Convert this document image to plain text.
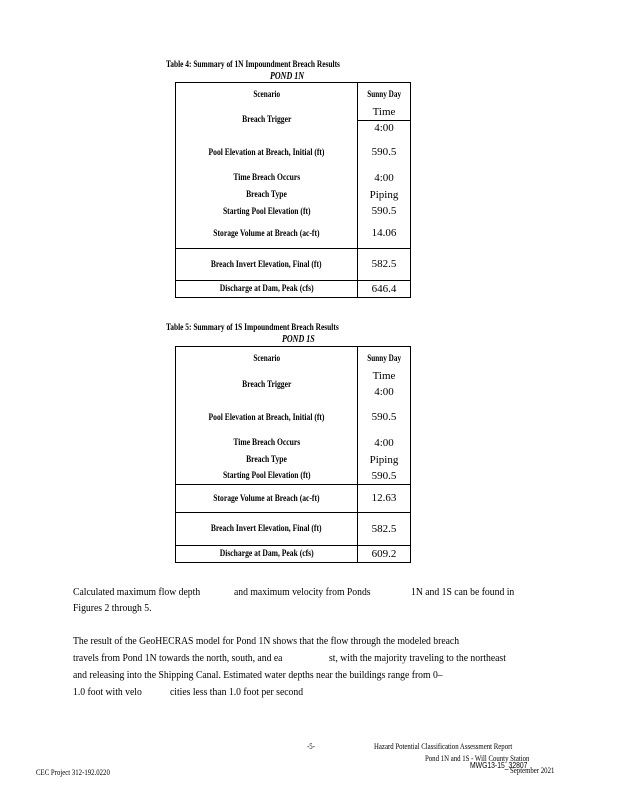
Table 4: Summary of 1N Impoundment Breach Results
POND 1N
Scenario	Sunny Day
Breach Trigger	Time
	4:00
Pool Elevation at Breach, Initial (ft)	590.5
Time Breach Occurs	4:00
Breach Type	Piping
Starting Pool Elevation (ft)	590.5
Storage Volume at Breach (ac-ft)	14.06
Breach Invert Elevation, Final (ft)	582.5
Discharge at Dam, Peak (cfs)	646.4
Table 5: Summary of 1S Impoundment Breach Results
POND 1S
Scenario	Sunny Day
Breach Trigger	Time
	4:00
Pool Elevation at Breach, Initial (ft)	590.5
Time Breach Occurs	4:00
Breach Type	Piping
Starting Pool Elevation (ft)	590.5
Storage Volume at Breach (ac-ft)	12.63
Breach Invert Elevation, Final (ft)	582.5
Discharge at Dam, Peak (cfs)	609.2
Calculated maximum flow depth	and maximum velocity from Ponds	1N and 1S can be found in
Figures 2 through 5.
The result of the GeoHECRAS model for Pond 1N shows that the flow through the modeled breach
travels from Pond 1N towards the north, south, and ea	st, with the majority traveling to the northeast
and releasing into the Shipping Canal. Estimated water depths near the buildings range from 0–
1.0 foot with velo	cities less than 1.0 foot per second
-5-	Hazard Potential Classification Assessment Report
Pond 1N and 1S - Will County Station
MWG13-15_32807
CEC Project 312-192.0220	September 2021
